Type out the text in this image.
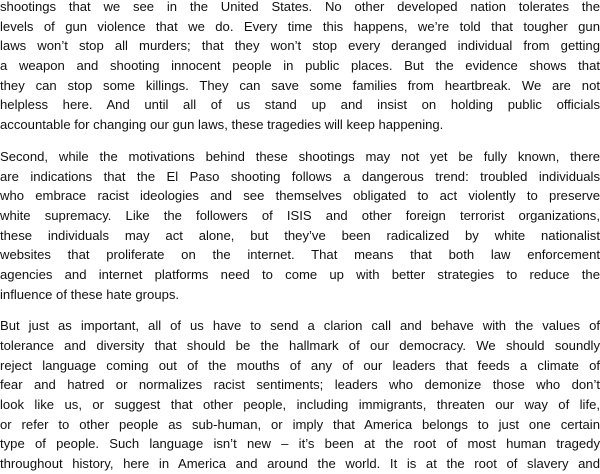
shootings that we see in the United States. No other developed nation tolerates the
levels of gun violence that we do. Every time this happens, we’re told that tougher gun
laws won’t stop all murders; that they won’t stop every deranged individual from getting
a weapon and shooting innocent people in public places. But the evidence shows that
they can stop some killings. They can save some families from heartbreak. We are not
helpless here. And until all of us stand up and insist on holding public officials
accountable for changing our gun laws, these tragedies will keep happening.
Second, while the motivations behind these shootings may not yet be fully known, there
are indications that the El Paso shooting follows a dangerous trend: troubled individuals
who embrace racist ideologies and see themselves obligated to act violently to preserve
white supremacy. Like the followers of ISIS and other foreign terrorist organizations,
these individuals may act alone, but they’ve been radicalized by white nationalist
websites that proliferate on the internet. That means that both law enforcement
agencies and internet platforms need to come up with better strategies to reduce the
influence of these hate groups.
But just as important, all of us have to send a clarion call and behave with the values of
tolerance and diversity that should be the hallmark of our democracy. We should soundly
reject language coming out of the mouths of any of our leaders that feeds a climate of
fear and hatred or normalizes racist sentiments; leaders who demonize those who don’t
look like us, or suggest that other people, including immigrants, threaten our way of life,
or refer to other people as sub-human, or imply that America belongs to just one certain
type of people. Such language isn’t new – it’s been at the root of most human tragedy
throughout history, here in America and around the world. It is at the root of slavery and
